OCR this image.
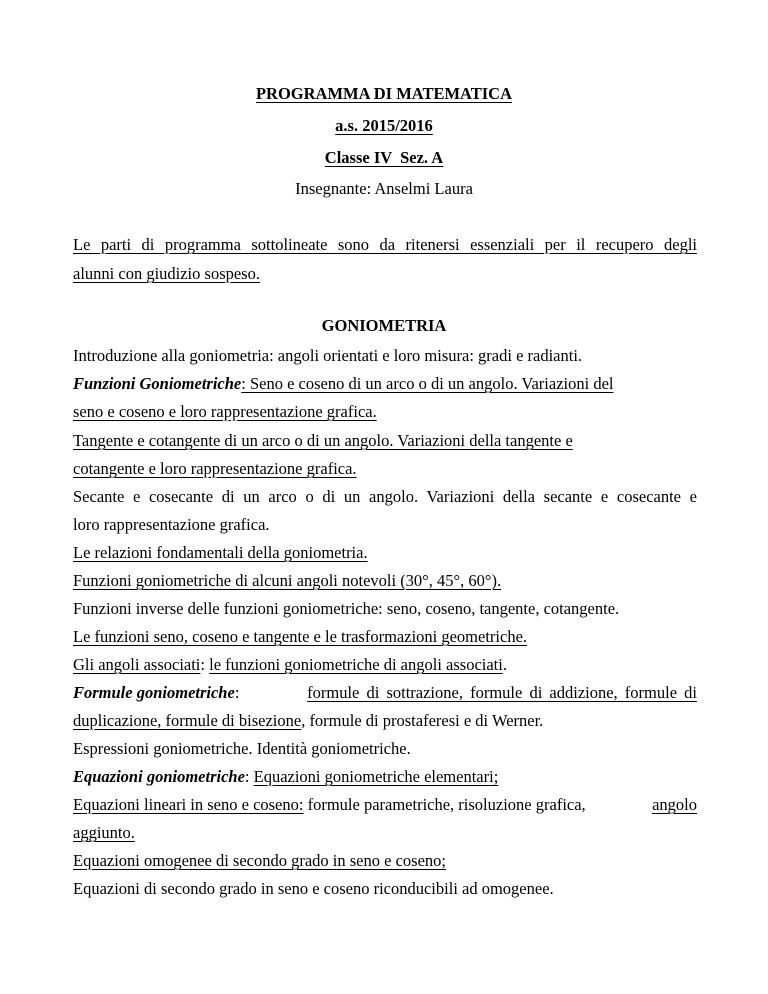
PROGRAMMA DI MATEMATICA
a.s. 2015/2016
Classe IV  Sez. A
Insegnante: Anselmi Laura
Le parti di programma sottolineate sono da ritenersi essenziali per il recupero degli
alunni con giudizio sospeso.
GONIOMETRIA
Introduzione alla goniometria: angoli orientati e loro misura: gradi e radianti.
Funzioni Goniometriche: Seno e coseno di un arco o di un angolo. Variazioni del
seno e coseno e loro rappresentazione grafica.
Tangente e cotangente di un arco o di un angolo. Variazioni della tangente e
cotangente e loro rappresentazione grafica.
Secante e cosecante di un arco o di un angolo. Variazioni della secante e cosecante e
loro rappresentazione grafica.
Le relazioni fondamentali della goniometria.
Funzioni goniometriche di alcuni angoli notevoli (30°, 45°, 60°).
Funzioni inverse delle funzioni goniometriche: seno, coseno, tangente, cotangente.
Le funzioni seno, coseno e tangente e le trasformazioni geometriche.
Gli angoli associati: le funzioni goniometriche di angoli associati.
Formule goniometriche:	formule di sottrazione, formule di addizione, formule di
duplicazione, formule di bisezione, formule di prostaferesi e di Werner.
Espressioni goniometriche. Identità goniometriche.
Equazioni goniometriche: Equazioni goniometriche elementari;
Equazioni lineari in seno e coseno: formule parametriche, risoluzione grafica,	angolo
aggiunto.
Equazioni omogenee di secondo grado in seno e coseno;
Equazioni di secondo grado in seno e coseno riconducibili ad omogenee.
